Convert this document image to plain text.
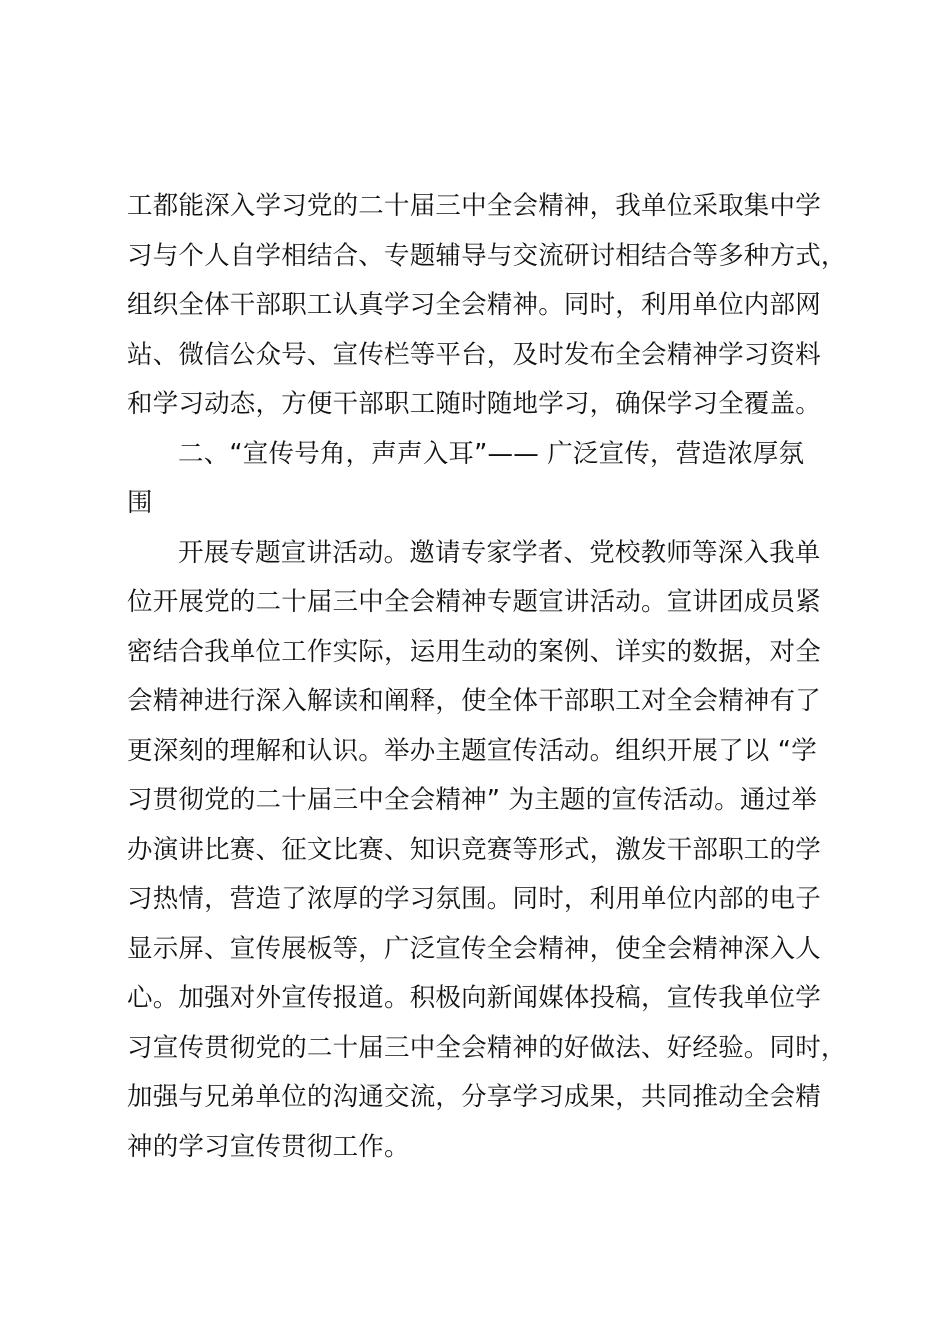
工都能深入学习党的二十届三中全会精神，我单位采取集中学
习与个人自学相结合、专题辅导与交流研讨相结合等多种方式，
组织全体干部职工认真学习全会精神。同时，利用单位内部网
站、微信公众号、宣传栏等平台，及时发布全会精神学习资料
和学习动态，方便干部职工随时随地学习，确保学习全覆盖。
二、“宣传号角，声声入耳”—— 广泛宣传，营造浓厚氛
围
开展专题宣讲活动。邀请专家学者、党校教师等深入我单
位开展党的二十届三中全会精神专题宣讲活动。宣讲团成员紧
密结合我单位工作实际，运用生动的案例、详实的数据，对全
会精神进行深入解读和阐释，使全体干部职工对全会精神有了
更深刻的理解和认识。举办主题宣传活动。组织开展了以 “学
习贯彻党的二十届三中全会精神” 为主题的宣传活动。通过举
办演讲比赛、征文比赛、知识竞赛等形式，激发干部职工的学
习热情，营造了浓厚的学习氛围。同时，利用单位内部的电子
显示屏、宣传展板等，广泛宣传全会精神，使全会精神深入人
心。加强对外宣传报道。积极向新闻媒体投稿，宣传我单位学
习宣传贯彻党的二十届三中全会精神的好做法、好经验。同时，
加强与兄弟单位的沟通交流，分享学习成果，共同推动全会精
神的学习宣传贯彻工作。
